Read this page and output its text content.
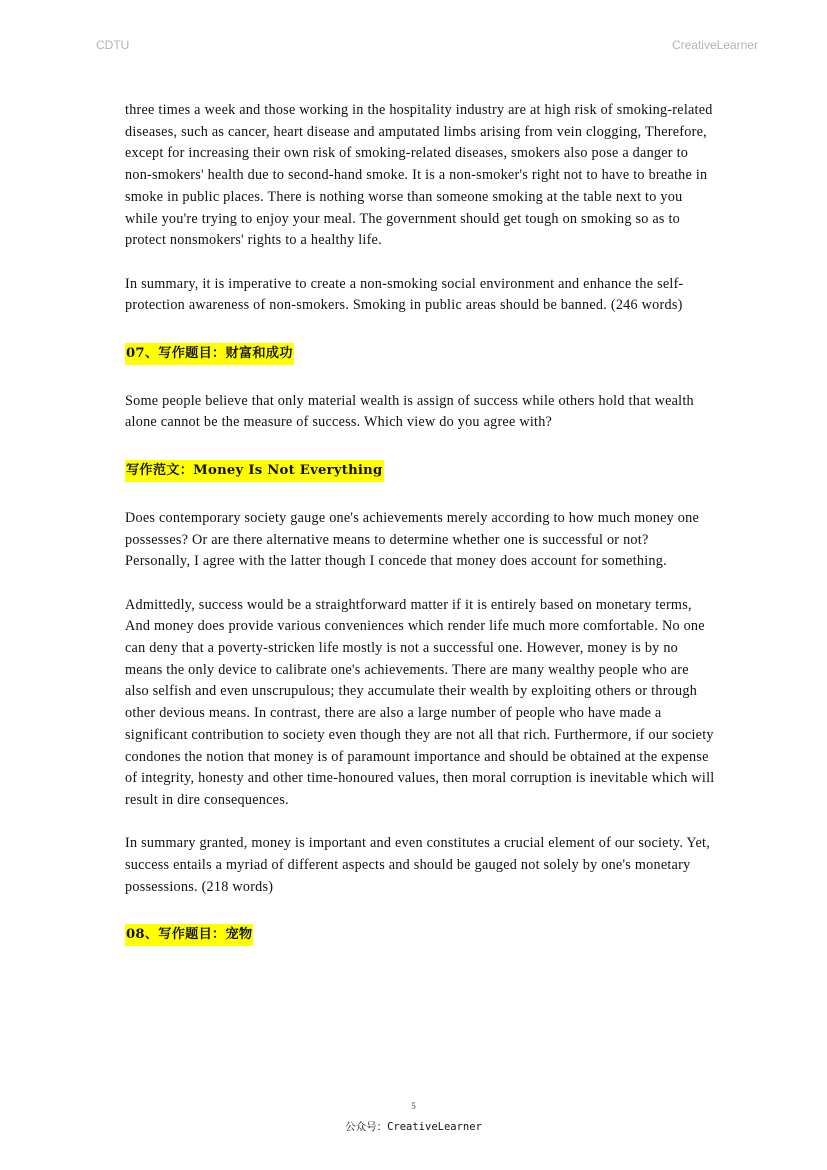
CDTU	CreativeLearner

three times a week and those working in the hospitality industry are at high risk of smoking-related diseases, such as cancer, heart disease and amputated limbs arising from vein clogging, Therefore, except for increasing their own risk of smoking-related diseases, smokers also pose a danger to non-smokers' health due to second-hand smoke. It is a non-smoker's right not to have to breathe in smoke in public places. There is nothing worse than someone smoking at the table next to you while you're trying to enjoy your meal. The government should get tough on smoking so as to protect nonsmokers' rights to a healthy life.

In summary, it is imperative to create a non-smoking social environment and enhance the self-protection awareness of non-smokers. Smoking in public areas should be banned. (246 words)

07、写作题目：财富和成功

Some people believe that only material wealth is assign of success while others hold that wealth alone cannot be the measure of success. Which view do you agree with?

写作范文：Money Is Not Everything

Does contemporary society gauge one's achievements merely according to how much money one possesses? Or are there alternative means to determine whether one is successful or not? Personally, I agree with the latter though I concede that money does account for something.

Admittedly, success would be a straightforward matter if it is entirely based on monetary terms, And money does provide various conveniences which render life much more comfortable. No one can deny that a poverty-stricken life mostly is not a successful one. However, money is by no means the only device to calibrate one's achievements. There are many wealthy people who are also selfish and even unscrupulous; they accumulate their wealth by exploiting others or through other devious means. In contrast, there are also a large number of people who have made a significant contribution to society even though they are not all that rich. Furthermore, if our society condones the notion that money is of paramount importance and should be obtained at the expense of integrity, honesty and other time-honoured values, then moral corruption is inevitable which will result in dire consequences.

In summary granted, money is important and even constitutes a crucial element of our society. Yet, success entails a myriad of different aspects and should be gauged not solely by one's monetary possessions. (218 words)

08、写作题目：宠物
5
公众号：CreativeLearner
